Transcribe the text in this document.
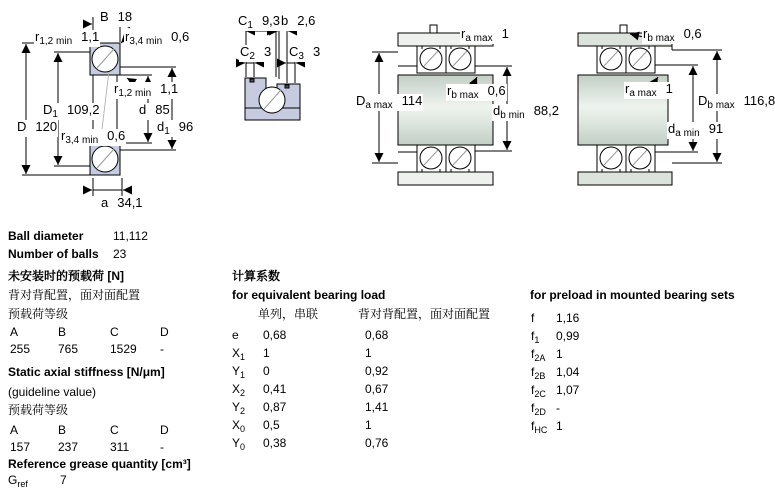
B 18
$r_{1,2 min}$ 1,1 $r_{3,4 min}$ 0,6
$r_{1,2 min}$ 1,1
$D_1$ 109,2	d 85
D 120
$r_{3,4 min}$ 0,6
$d_1$ 96
a 34,1
$C_1$ 9,3 b 2,6
$C_2$ 3 $C_3$ 3
$r_{a max}$ 1
$r_{b max}$ 0,6
$D_{a max}$ 114
$d_{b min}$ 88,2
$r_{b max}$ 0,6
$r_{a max}$ 1
$D_{b max}$ 116,8
$d_{a min}$ 91
Ball diameter 11,112
Number of balls 23
未安装时的预载荷 [N]
背对背配置，面对面配置
预载荷等级
A	B	C	D
255 765	1529 -
Static axial stiffness [N/μm]
(guideline value)
预载荷等级
A	B	C	D
157 237	311	-
Reference grease quantity [cm³]
$G_{ref}$	7
计算系数
for equivalent bearing load
单列，串联	背对背配置，面对面配置
e 0,68	0,68
$X_1$ 1	1
$Y_1$ 0	0,92
$X_2$ 0,41	0,67
$Y_2$ 0,87	1,41
$X_0$ 0,5	1
$Y_0$ 0,38	0,76
for preload in mounted bearing sets
f 1,16
$f_1$ 0,99
$f_{2A}$ 1
$f_{2B}$ 1,04
$f_{2C}$ 1,07
$f_{2D}$ -
$f_{HC}$ 1
